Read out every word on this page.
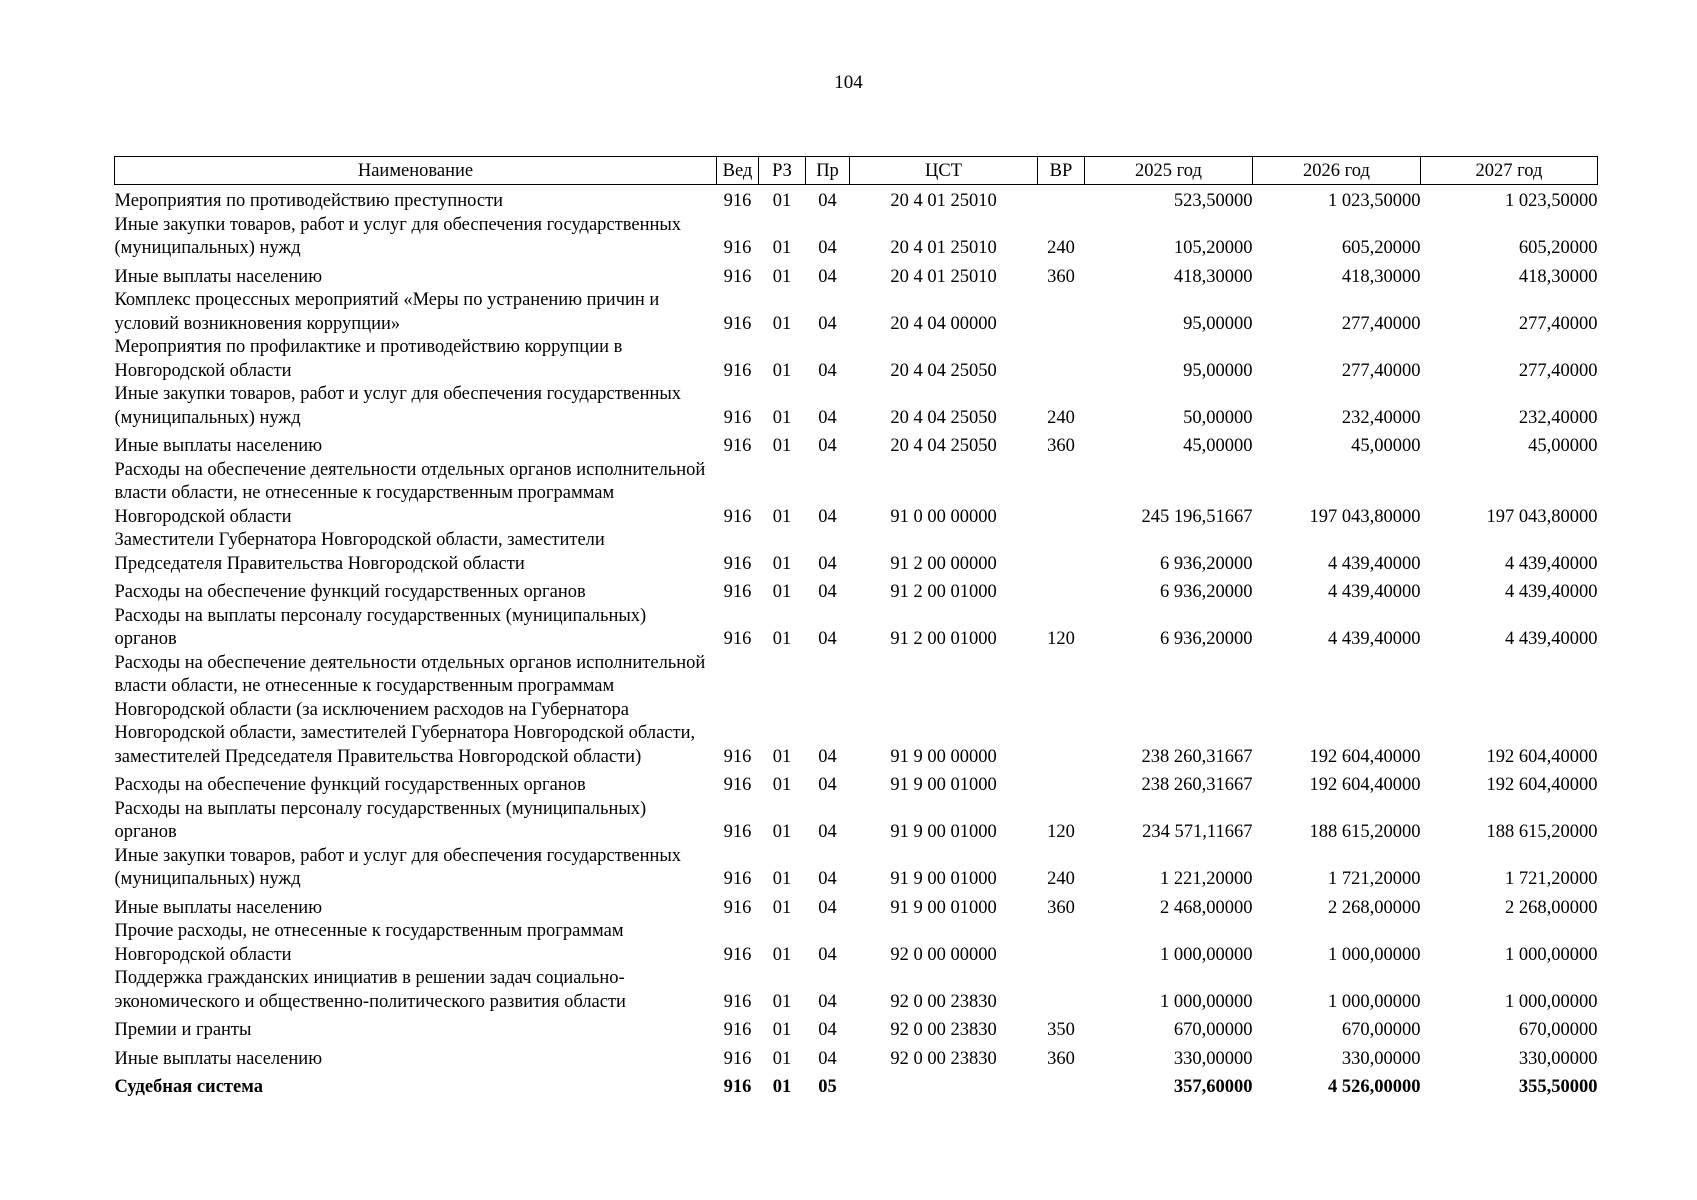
104
Наименование	Вед	РЗ	Пр	ЦСТ	ВР	2025 год	2026 год	2027 год
Мероприятия по противодействию преступности	916	01	04	20 4 01 25010		523,50000	1 023,50000	1 023,50000
Иные закупки товаров, работ и услуг для обеспечения государственных (муниципальных) нужд	916	01	04	20 4 01 25010	240	105,20000	605,20000	605,20000
Иные выплаты населению	916	01	04	20 4 01 25010	360	418,30000	418,30000	418,30000
Комплекс процессных мероприятий «Меры по устранению причин и условий возникновения коррупции»	916	01	04	20 4 04 00000		95,00000	277,40000	277,40000
Мероприятия по профилактике и противодействию коррупции в Новгородской области	916	01	04	20 4 04 25050		95,00000	277,40000	277,40000
Иные закупки товаров, работ и услуг для обеспечения государственных (муниципальных) нужд	916	01	04	20 4 04 25050	240	50,00000	232,40000	232,40000
Иные выплаты населению	916	01	04	20 4 04 25050	360	45,00000	45,00000	45,00000
Расходы на обеспечение деятельности отдельных органов исполнительной власти области, не отнесенные к государственным программам Новгородской области	916	01	04	91 0 00 00000		245 196,51667	197 043,80000	197 043,80000
Заместители Губернатора Новгородской области, заместители Председателя Правительства Новгородской области	916	01	04	91 2 00 00000		6 936,20000	4 439,40000	4 439,40000
Расходы на обеспечение функций государственных органов	916	01	04	91 2 00 01000		6 936,20000	4 439,40000	4 439,40000
Расходы на выплаты персоналу государственных (муниципальных) органов	916	01	04	91 2 00 01000	120	6 936,20000	4 439,40000	4 439,40000
Расходы на обеспечение деятельности отдельных органов исполнительной власти области, не отнесенные к государственным программам Новгородской области (за исключением расходов на Губернатора Новгородской области, заместителей Губернатора Новгородской области, заместителей Председателя Правительства Новгородской области)	916	01	04	91 9 00 00000		238 260,31667	192 604,40000	192 604,40000
Расходы на обеспечение функций государственных органов	916	01	04	91 9 00 01000		238 260,31667	192 604,40000	192 604,40000
Расходы на выплаты персоналу государственных (муниципальных) органов	916	01	04	91 9 00 01000	120	234 571,11667	188 615,20000	188 615,20000
Иные закупки товаров, работ и услуг для обеспечения государственных (муниципальных) нужд	916	01	04	91 9 00 01000	240	1 221,20000	1 721,20000	1 721,20000
Иные выплаты населению	916	01	04	91 9 00 01000	360	2 468,00000	2 268,00000	2 268,00000
Прочие расходы, не отнесенные к государственным программам Новгородской области	916	01	04	92 0 00 00000		1 000,00000	1 000,00000	1 000,00000
Поддержка гражданских инициатив в решении задач социально-экономического и общественно-политического развития области	916	01	04	92 0 00 23830		1 000,00000	1 000,00000	1 000,00000
Премии и гранты	916	01	04	92 0 00 23830	350	670,00000	670,00000	670,00000
Иные выплаты населению	916	01	04	92 0 00 23830	360	330,00000	330,00000	330,00000
Судебная система	916	01	05			357,60000	4 526,00000	355,50000
